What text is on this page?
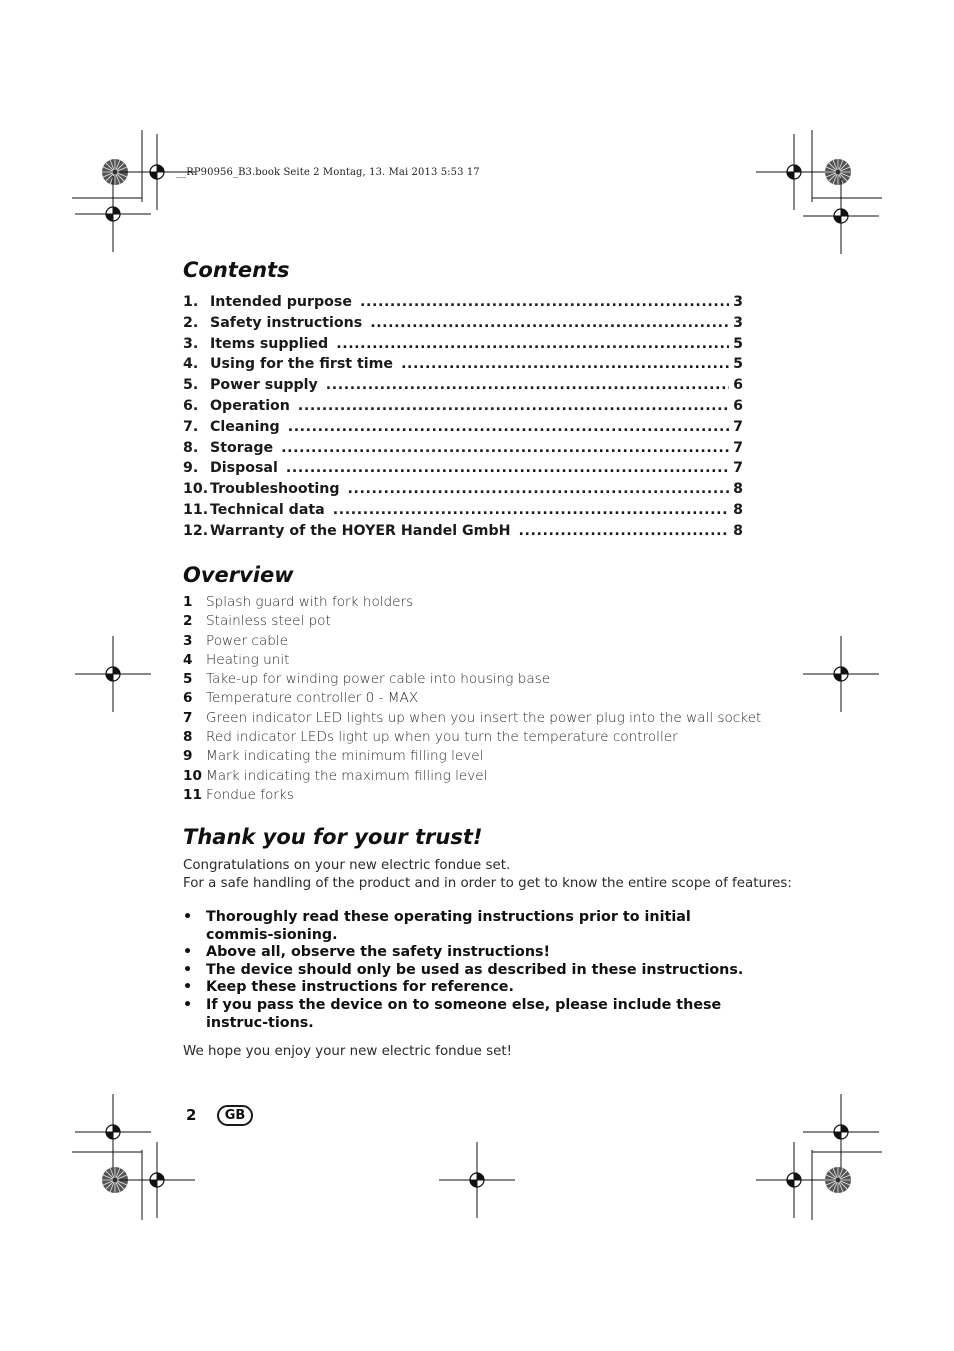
__RP90956_B3.book Seite 2 Montag, 13. Mai 2013 5:53 17
Contents
1. Intended purpose .....	3
2. Safety instructions .....	3
3. Items supplied .....	5
4. Using for the first time .....	5
5. Power supply .....	6
6. Operation .....	6
7. Cleaning .....	7
8. Storage .....	7
9. Disposal .....	7
10. Troubleshooting .....	8
11. Technical data .....	8
12. Warranty of the HOYER Handel GmbH .....	8
Overview
1 Splash guard with fork holders
2 Stainless steel pot
3 Power cable
4 Heating unit
5 Take-up for winding power cable into housing base
6 Temperature controller 0 - MAX
7 Green indicator LED lights up when you insert the power plug into the wall socket
8 Red indicator LEDs light up when you turn the temperature controller
9 Mark indicating the minimum filling level
10 Mark indicating the maximum filling level
11 Fondue forks
Thank you for your trust!
Congratulations on your new electric fondue set.
For a safe handling of the product and in order to get to know the entire scope of features:
• Thoroughly read these operating instructions prior to initial commis-sioning.
• Above all, observe the safety instructions!
• The device should only be used as described in these instructions.
• Keep these instructions for reference.
• If you pass the device on to someone else, please include these instruc-tions.
We hope you enjoy your new electric fondue set!
2	GB
